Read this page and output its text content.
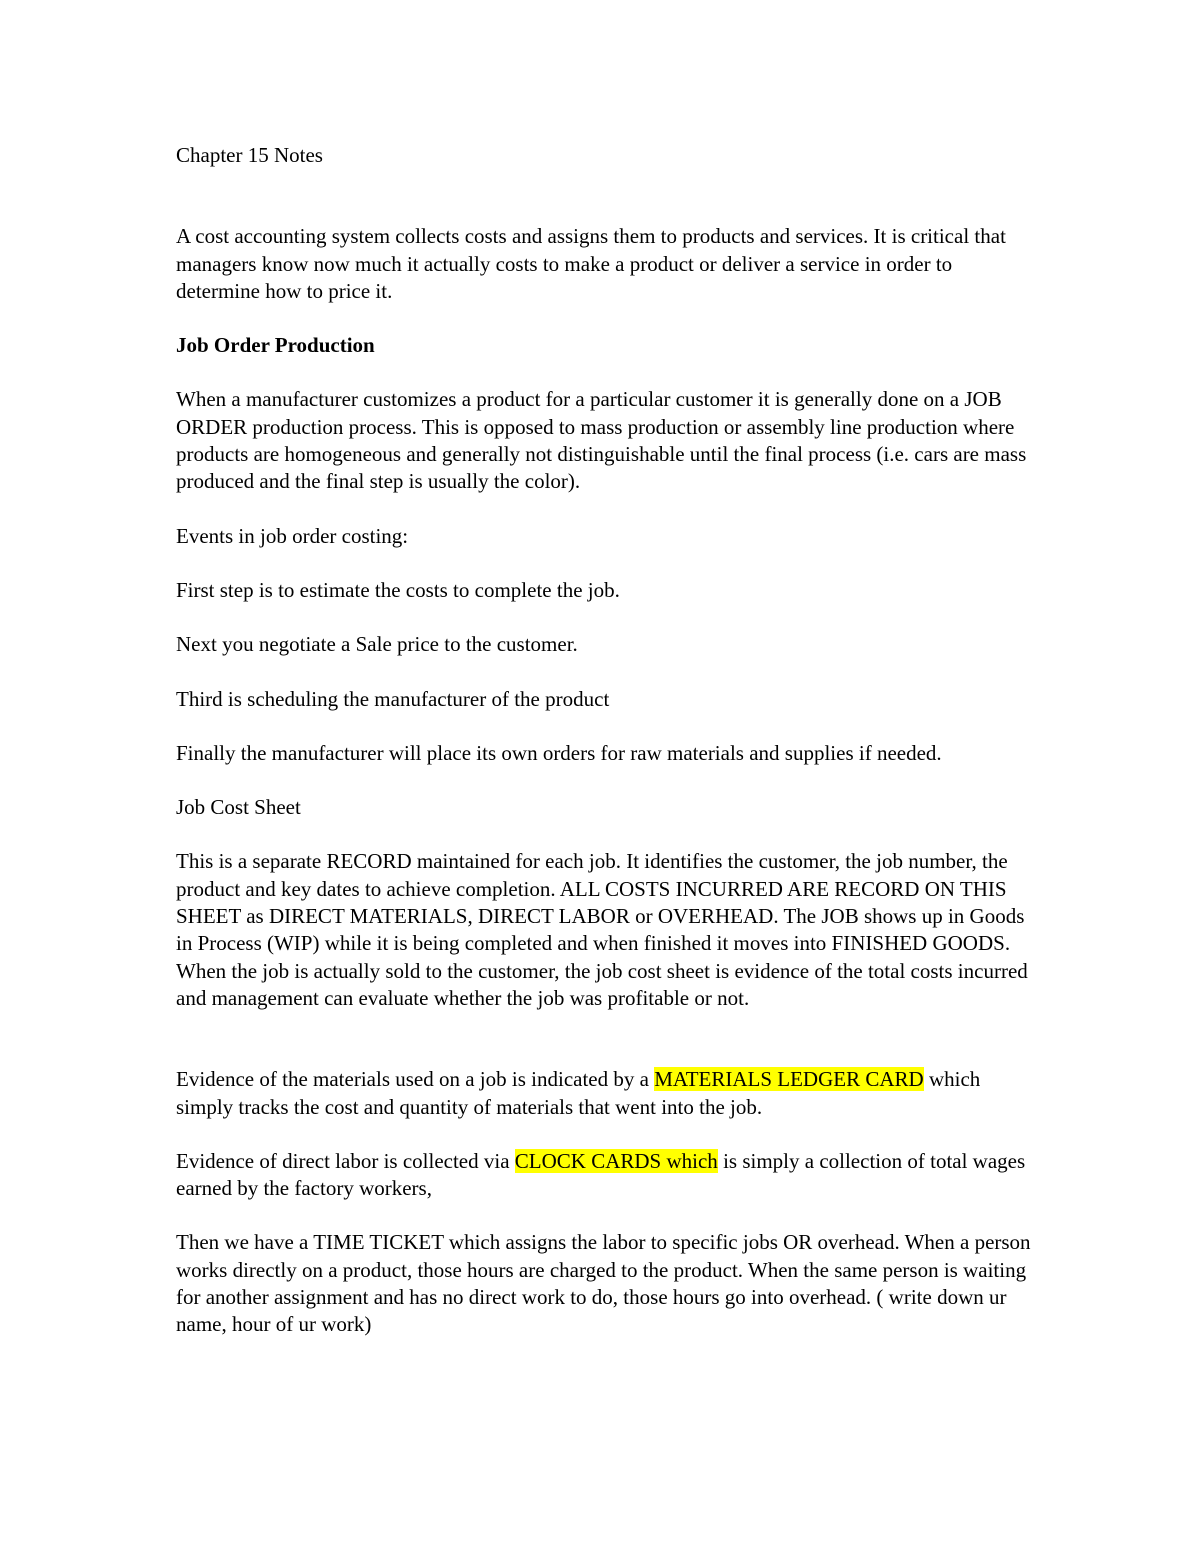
Chapter 15 Notes

A cost accounting system collects costs and assigns them to products and services. It is critical that managers know now much it actually costs to make a product or deliver a service in order to determine how to price it.

Job Order Production

When a manufacturer customizes a product for a particular customer it is generally done on a JOB ORDER production process. This is opposed to mass production or assembly line production where products are homogeneous and generally not distinguishable until the final process (i.e. cars are mass produced and the final step is usually the color).

Events in job order costing:

First step is to estimate the costs to complete the job.

Next you negotiate a Sale price to the customer.

Third is scheduling the manufacturer of the product

Finally the manufacturer will place its own orders for raw materials and supplies if needed.

Job Cost Sheet

This is a separate RECORD maintained for each job. It identifies the customer, the job number, the product and key dates to achieve completion. ALL COSTS INCURRED ARE RECORD ON THIS SHEET as DIRECT MATERIALS, DIRECT LABOR or OVERHEAD. The JOB shows up in Goods in Process (WIP) while it is being completed and when finished it moves into FINISHED GOODS. When the job is actually sold to the customer, the job cost sheet is evidence of the total costs incurred and management can evaluate whether the job was profitable or not.

Evidence of the materials used on a job is indicated by a MATERIALS LEDGER CARD which simply tracks the cost and quantity of materials that went into the job.

Evidence of direct labor is collected via CLOCK CARDS which is simply a collection of total wages earned by the factory workers,

Then we have a TIME TICKET which assigns the labor to specific jobs OR overhead. When a person works directly on a product, those hours are charged to the product. When the same person is waiting for another assignment and has no direct work to do, those hours go into overhead. ( write down ur name, hour of ur work)
